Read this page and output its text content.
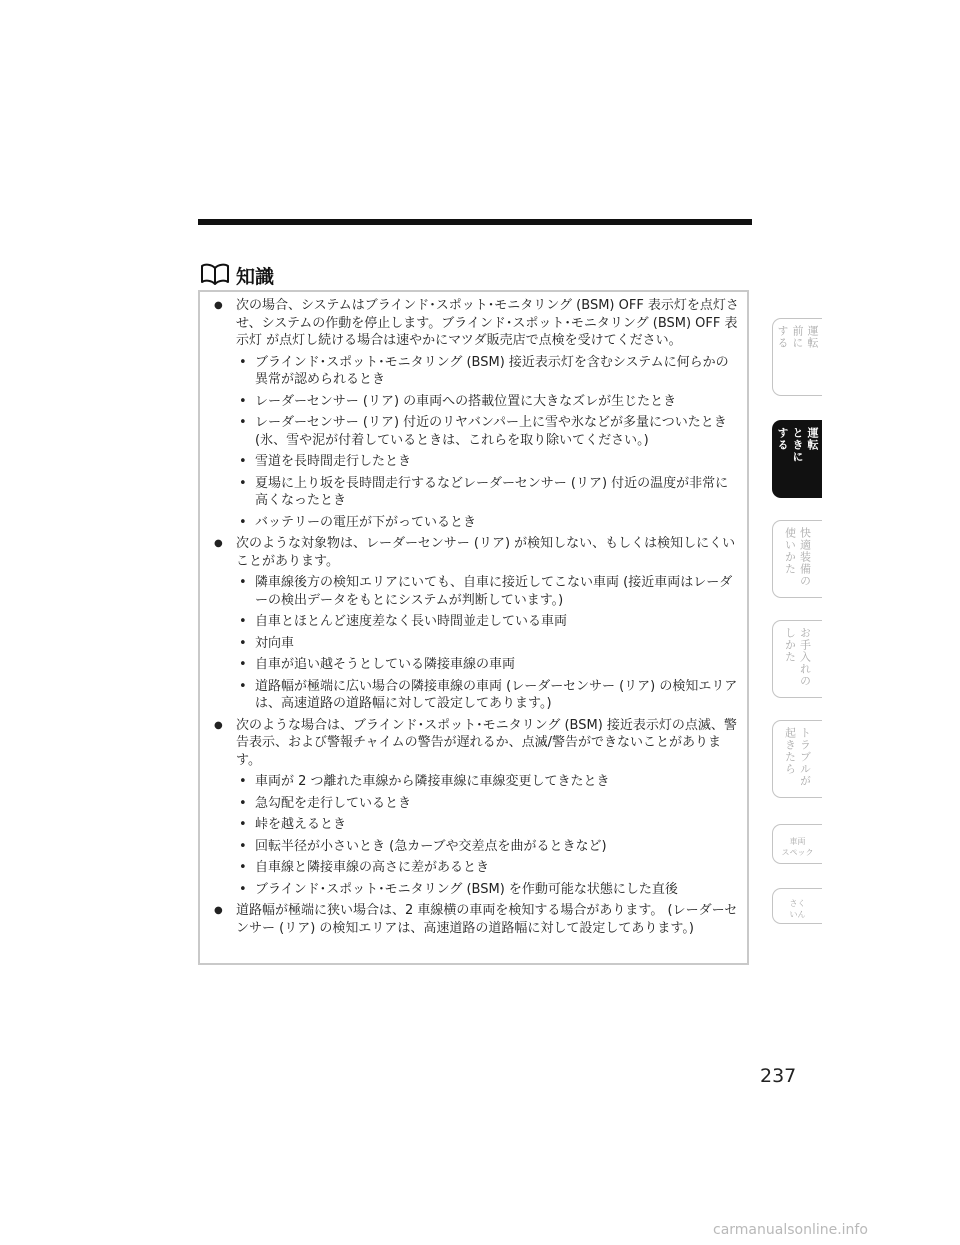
知識
● 次の場合、システムはブラインド･スポット･モニタリング (BSM) OFF 表示灯を点灯させ、システムの作動を停止します。ブラインド･スポット･モニタリング (BSM) OFF 表示灯 が点灯し続ける場合は速やかにマツダ販売店で点検を受けてください。
• ブラインド･スポット･モニタリング (BSM) 接近表示灯を含むシステムに何らかの異常が認められるとき
• レーダーセンサー (リア) の車両への搭載位置に大きなズレが生じたとき
• レーダーセンサー (リア) 付近のリヤバンパー上に雪や氷などが多量についたとき (氷、雪や泥が付着しているときは、これらを取り除いてください。)
• 雪道を長時間走行したとき
• 夏場に上り坂を長時間走行するなどレーダーセンサー (リア) 付近の温度が非常に高くなったとき
• バッテリーの電圧が下がっているとき
● 次のような対象物は、レーダーセンサー (リア) が検知しない、もしくは検知しにくいことがあります。
• 隣車線後方の検知エリアにいても、自車に接近してこない車両 (接近車両はレーダーの検出データをもとにシステムが判断しています。)
• 自車とほとんど速度差なく長い時間並走している車両
• 対向車
• 自車が追い越そうとしている隣接車線の車両
• 道路幅が極端に広い場合の隣接車線の車両 (レーダーセンサー (リア) の検知エリアは、高速道路の道路幅に対して設定してあります。)
● 次のような場合は、ブラインド･スポット･モニタリング (BSM) 接近表示灯の点滅、警告表示、および警報チャイムの警告が遅れるか、点滅/警告ができないことがあります。
• 車両が 2 つ離れた車線から隣接車線に車線変更してきたとき
• 急勾配を走行しているとき
• 峠を越えるとき
• 回転半径が小さいとき (急カーブや交差点を曲がるときなど)
• 自車線と隣接車線の高さに差があるとき
• ブラインド･スポット･モニタリング (BSM) を作動可能な状態にした直後
● 道路幅が極端に狭い場合は、2 車線横の車両を検知する場合があります。 (レーダーセンサー (リア) の検知エリアは、高速道路の道路幅に対して設定してあります。)
運転
前に
する
運転
ときに
する
快適装備の
使いかた
お手入れの
しかた
トラブルが
起きたら
車両
スペック
さく
いん
237
carmanualsonline.info
